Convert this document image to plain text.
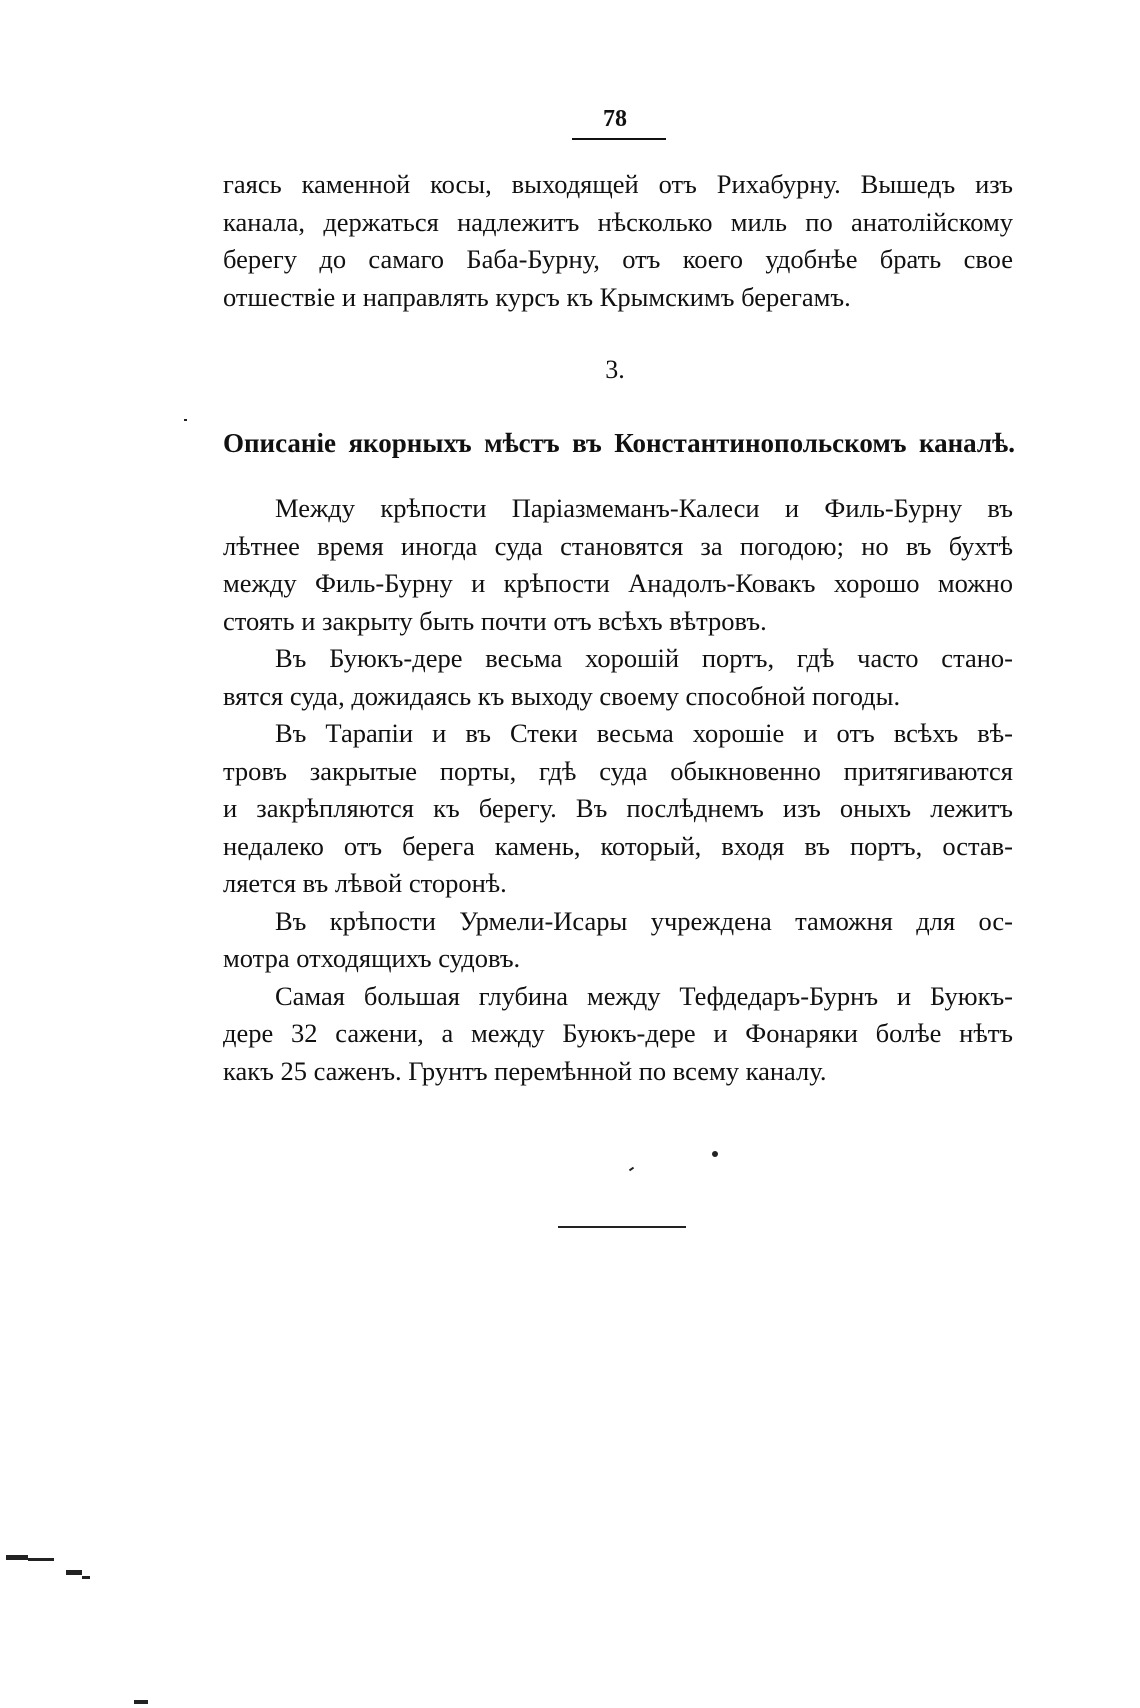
78
гаясь каменной косы, выходящей отъ Рихабурну. Вышедъ изъ
канала, держаться надлежитъ нѣсколько миль по анатолійскому
берегу до самаго Баба-Бурну, отъ коего удобнѣе брать свое
отшествіе и направлять курсъ къ Крымскимъ берегамъ.
3.
Описаніе якорныхъ мѣстъ въ Константинопольскомъ каналѣ.
Между крѣпости Паріазмеманъ-Калеси и Филь-Бурну въ
лѣтнее время иногда суда становятся за погодою; но въ бухтѣ
между Филь-Бурну и крѣпости Анадолъ-Ковакъ хорошо можно
стоять и закрыту быть почти отъ всѣхъ вѣтровъ.
Въ Буюкъ-дере весьма хорошій портъ, гдѣ часто стано-
вятся суда, дожидаясь къ выходу своему способной погоды.
Въ Тарапіи и въ Стеки весьма хорошіе и отъ всѣхъ вѣ-
тровъ закрытые порты, гдѣ суда обыкновенно притягиваются
и закрѣпляются къ берегу. Въ послѣднемъ изъ оныхъ лежитъ
недалеко отъ берега камень, который, входя въ портъ, остав-
ляется въ лѣвой сторонѣ.
Въ крѣпости Урмели-Исары учреждена таможня для ос-
мотра отходящихъ судовъ.
Самая большая глубина между Тефдедаръ-Бурнъ и Буюкъ-
дере 32 сажени, а между Буюкъ-дере и Фонаряки болѣе нѣтъ
какъ 25 саженъ. Грунтъ перемѣнной по всему каналу.
